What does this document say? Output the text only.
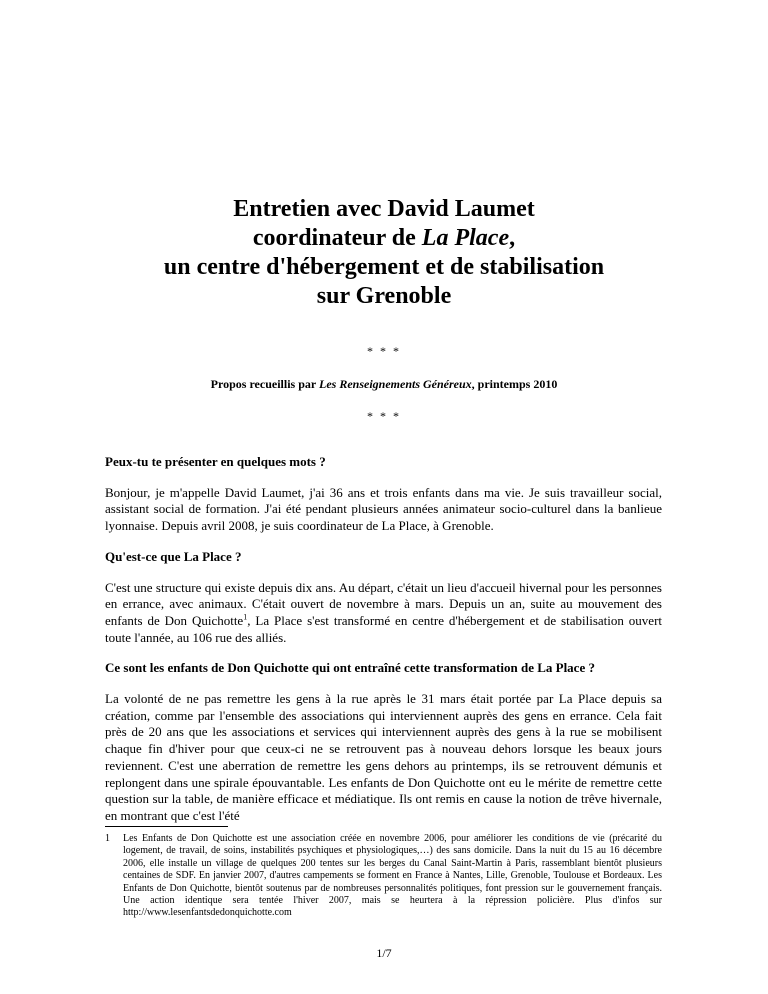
Entretien avec David Laumet
coordinateur de La Place,
un centre d'hébergement et de stabilisation
sur Grenoble
* * *
Propos recueillis par Les Renseignements Généreux, printemps 2010
* * *
Peux-tu te présenter en quelques mots ?
Bonjour, je m'appelle David Laumet, j'ai 36 ans et trois enfants dans ma vie. Je suis travailleur social, assistant social de formation. J'ai été pendant plusieurs années animateur socio-culturel dans la banlieue lyonnaise. Depuis avril 2008, je suis coordinateur de La Place, à Grenoble.
Qu'est-ce que La Place ?
C'est une structure qui existe depuis dix ans. Au départ, c'était un lieu d'accueil hivernal pour les personnes en errance, avec animaux. C'était ouvert de novembre à mars. Depuis un an, suite au mouvement des enfants de Don Quichotte$^1$, La Place s'est transformé en centre d'hébergement et de stabilisation ouvert toute l'année, au 106 rue des alliés.
Ce sont les enfants de Don Quichotte qui ont entraîné cette transformation de La Place ?
La volonté de ne pas remettre les gens à la rue après le 31 mars était portée par La Place depuis sa création, comme par l'ensemble des associations qui interviennent auprès des gens en errance. Cela fait près de 20 ans que les associations et services qui interviennent auprès des gens à la rue se mobilisent chaque fin d'hiver pour que ceux-ci ne se retrouvent pas à nouveau dehors lorsque les beaux jours reviennent. C'est une aberration de remettre les gens dehors au printemps, ils se retrouvent démunis et replongent dans une spirale épouvantable. Les enfants de Don Quichotte ont eu le mérite de remettre cette question sur la table, de manière efficace et médiatique. Ils ont remis en cause la notion de trêve hivernale, en montrant que c'est l'été
1 Les Enfants de Don Quichotte est une association créée en novembre 2006, pour améliorer les conditions de vie (précarité du logement, de travail, de soins, instabilités psychiques et physiologiques,…) des sans domicile. Dans la nuit du 15 au 16 décembre 2006, elle installe un village de quelques 200 tentes sur les berges du Canal Saint-Martin à Paris, rassemblant bientôt plusieurs centaines de SDF. En janvier 2007, d'autres campements se forment en France à Nantes, Lille, Grenoble, Toulouse et Bordeaux. Les Enfants de Don Quichotte, bientôt soutenus par de nombreuses personnalités politiques, font pression sur le gouvernement français. Une action identique sera tentée l'hiver 2007, mais se heurtera à la répression policière. Plus d'infos sur http://www.lesenfantsdedonquichotte.com
1/7
